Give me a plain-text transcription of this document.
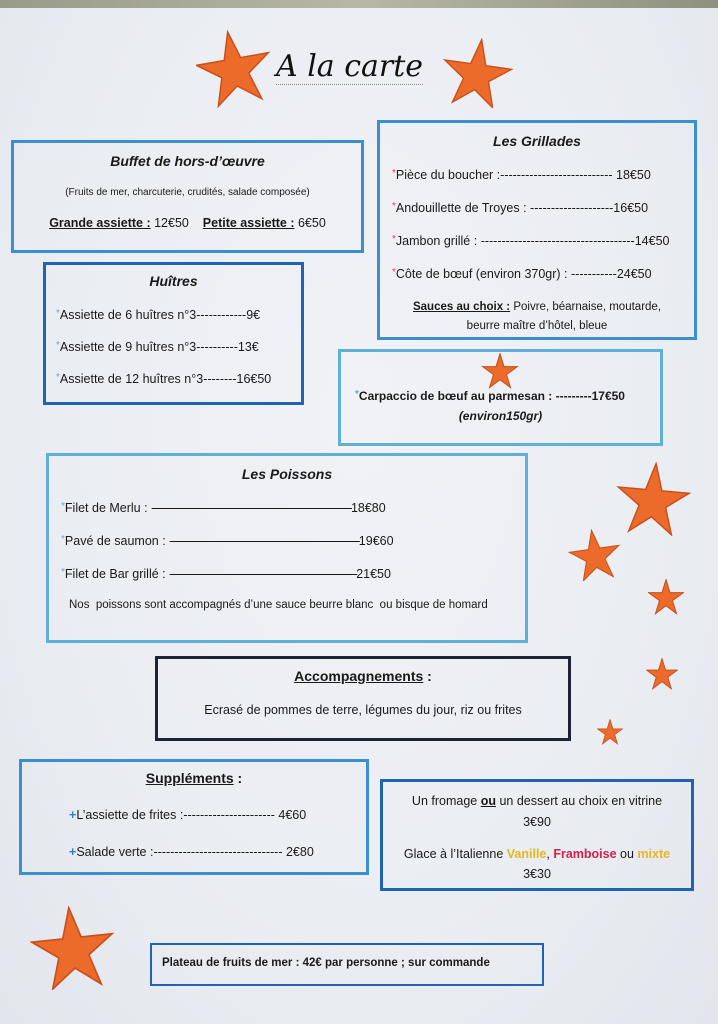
A la carte
Buffet de hors-d’œuvre
(Fruits de mer, charcuterie, crudités, salade composée)
Grande assiette : 12€50 Petite assiette : 6€50
Huîtres
*Assiette de 6 huîtres n°3------------9€
*Assiette de 9 huîtres n°3----------13€
*Assiette de 12 huîtres n°3--------16€50
Les Grillades
*Pièce du boucher :--------------------------- 18€50
*Andouillette de Troyes : --------------------16€50
*Jambon grillé : -------------------------------------14€50
*Côte de bœuf (environ 370gr) : -----------24€50
Sauces au choix : Poivre, béarnaise, moutarde,
beurre maître d’hôtel, bleue
*Carpaccio de bœuf au parmesan : ---------17€50
(environ150gr)
Les Poissons
*Filet de Merlu : ------------------------------------------------------------------------------18€80
*Pavé de saumon : --------------------------------------------------------------------------19€60
*Filet de Bar grillé : -------------------------------------------------------------------------21€50
Nos  poissons sont accompagnés d’une sauce beurre blanc  ou bisque de homard
Accompagnements :
Ecrasé de pommes de terre, légumes du jour, riz ou frites
Suppléments :
+L’assiette de frites :---------------------- 4€60
+Salade verte :------------------------------- 2€80
Un fromage ou un dessert au choix en vitrine
3€90
Glace à l’Italienne Vanille, Framboise ou mixte
3€30
Plateau de fruits de mer : 42€ par personne ; sur commande
